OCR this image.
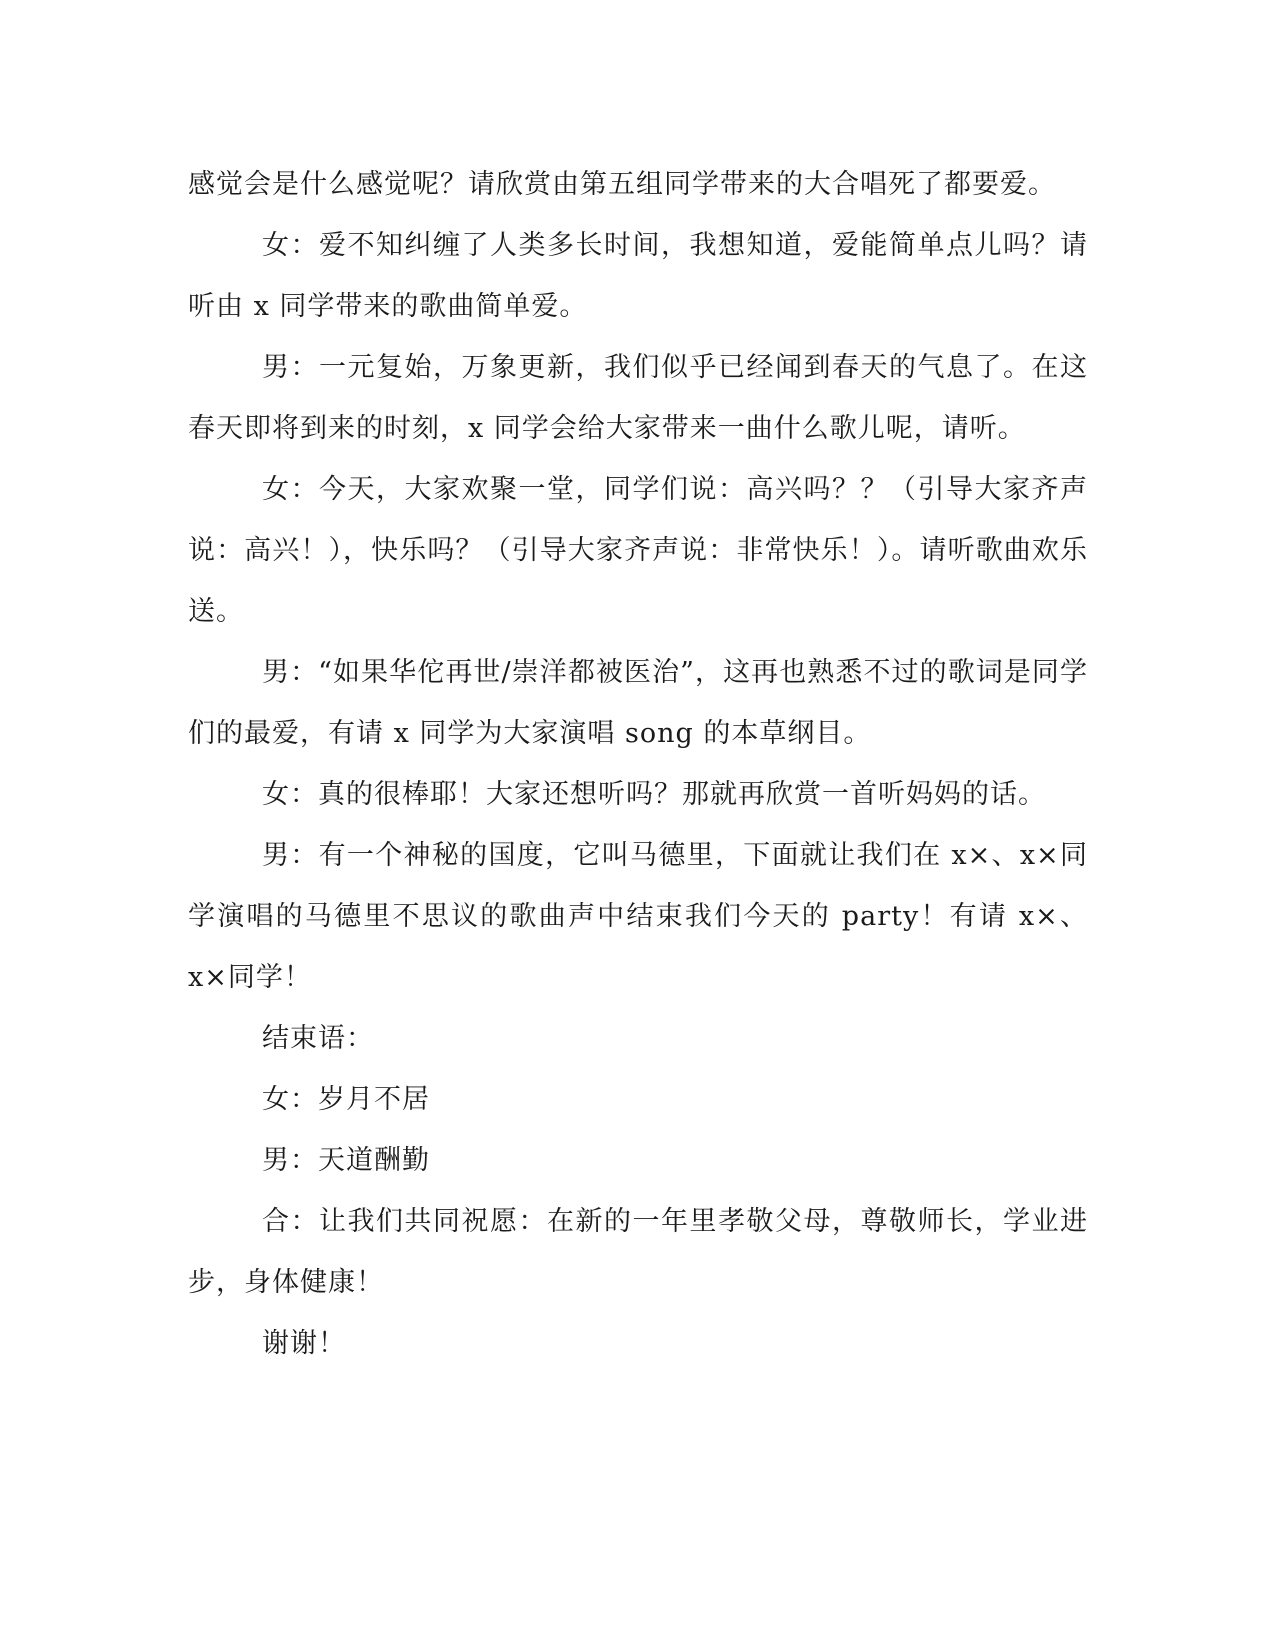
感觉会是什么感觉呢？请欣赏由第五组同学带来的大合唱死了都要爱。

女：爱不知纠缠了人类多长时间，我想知道，爱能简单点儿吗？请听由 x 同学带来的歌曲简单爱。

男：一元复始，万象更新，我们似乎已经闻到春天的气息了。在这春天即将到来的时刻，x 同学会给大家带来一曲什么歌儿呢，请听。

女：今天，大家欢聚一堂，同学们说：高兴吗？？（引导大家齐声说：高兴！），快乐吗？（引导大家齐声说：非常快乐！）。请听歌曲欢乐送。

男：“如果华佗再世/崇洋都被医治”，这再也熟悉不过的歌词是同学们的最爱，有请 x 同学为大家演唱 song 的本草纲目。

女：真的很棒耶！大家还想听吗？那就再欣赏一首听妈妈的话。

男：有一个神秘的国度，它叫马德里，下面就让我们在 x×、x×同学演唱的马德里不思议的歌曲声中结束我们今天的 party！有请 x×、x×同学！

结束语：

女：岁月不居

男：天道酬勤

合：让我们共同祝愿：在新的一年里孝敬父母，尊敬师长，学业进步，身体健康！

谢谢！
